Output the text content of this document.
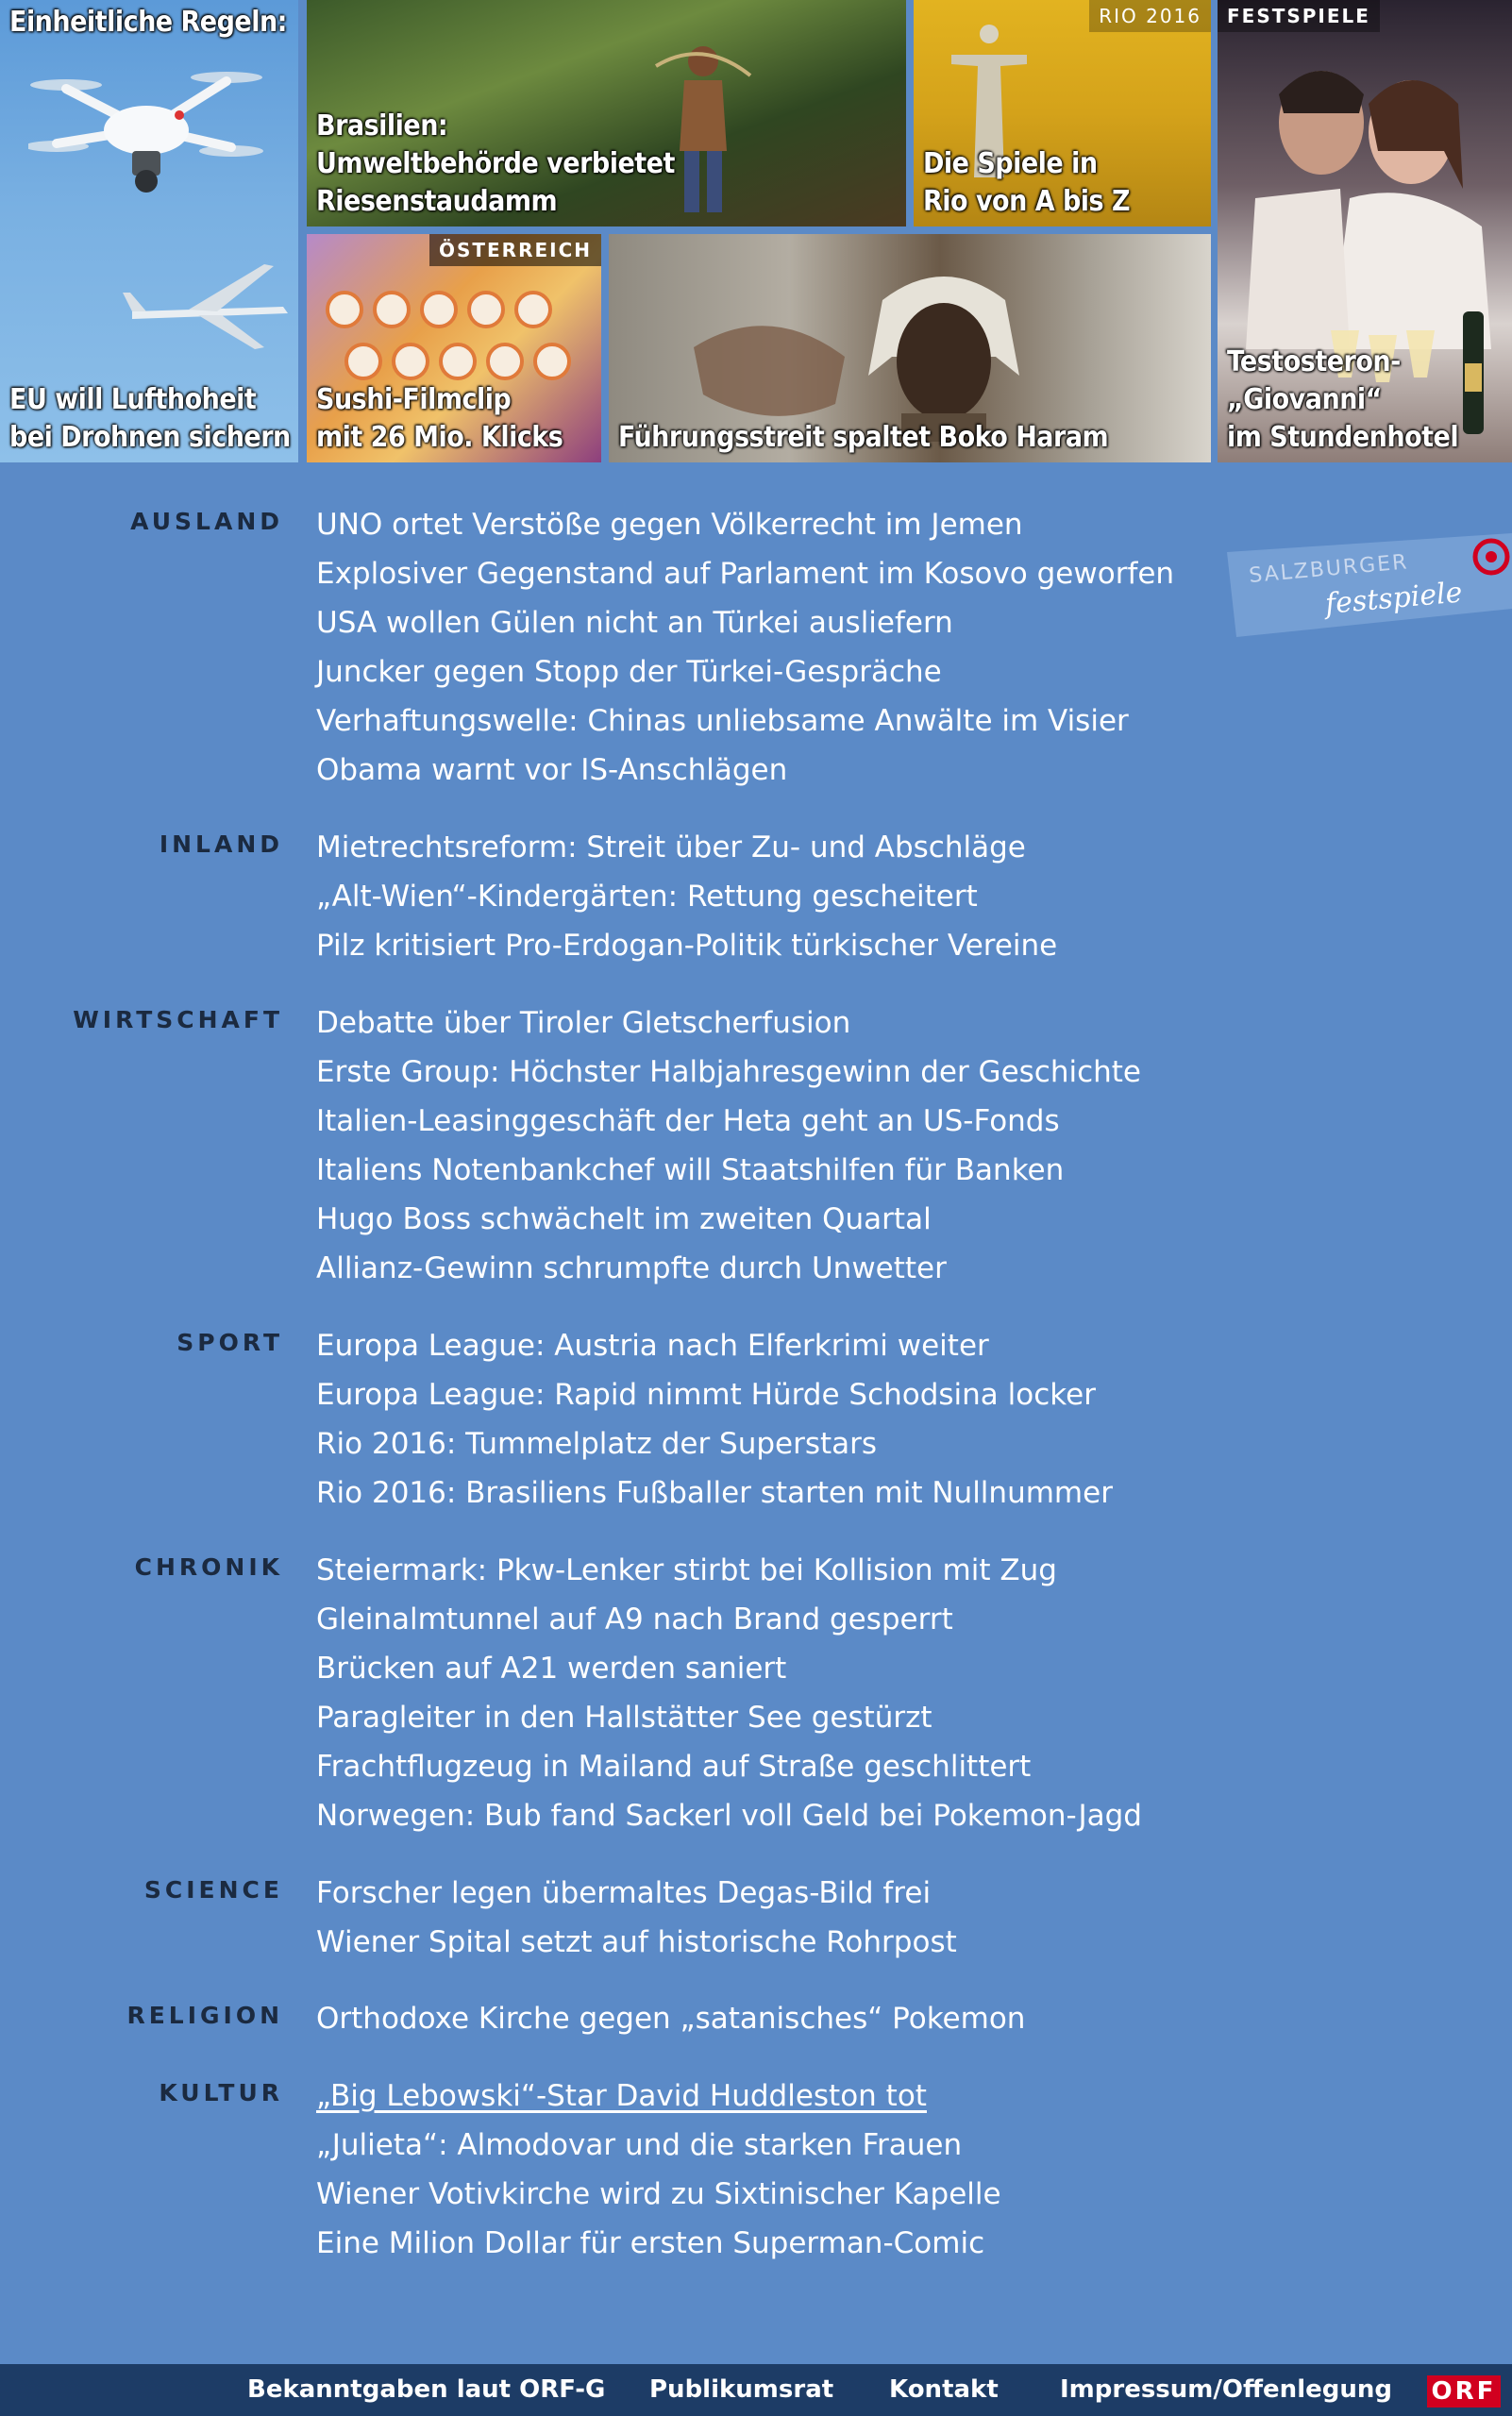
Einheitliche Regeln:
EU will Lufthoheit
bei Drohnen sichern
Brasilien:
Umweltbehörde verbietet Riesenstaudamm
RIO 2016
Die Spiele in
Rio von A bis Z
FESTSPIELE
Testosteron-„Giovanni“
im Stundenhotel
ÖSTERREICH
Sushi-Filmclip
mit 26 Mio. Klicks Führungsstreit spaltet Boko Haram
SALZBURGER
festspiele
AUSLAND UNO ortet Verstöße gegen Völkerrecht im Jemen
Explosiver Gegenstand auf Parlament im Kosovo geworfen
USA wollen Gülen nicht an Türkei ausliefern
Juncker gegen Stopp der Türkei-Gespräche
Verhaftungswelle: Chinas unliebsame Anwälte im Visier
Obama warnt vor IS-Anschlägen
INLAND Mietrechtsreform: Streit über Zu- und Abschläge
„Alt-Wien“-Kindergärten: Rettung gescheitert
Pilz kritisiert Pro-Erdogan-Politik türkischer Vereine
WIRTSCHAFT Debatte über Tiroler Gletscherfusion
Erste Group: Höchster Halbjahresgewinn der Geschichte
Italien-Leasinggeschäft der Heta geht an US-Fonds
Italiens Notenbankchef will Staatshilfen für Banken
Hugo Boss schwächelt im zweiten Quartal
Allianz-Gewinn schrumpfte durch Unwetter
SPORT Europa League: Austria nach Elferkrimi weiter
Europa League: Rapid nimmt Hürde Schodsina locker
Rio 2016: Tummelplatz der Superstars
Rio 2016: Brasiliens Fußballer starten mit Nullnummer
CHRONIK Steiermark: Pkw-Lenker stirbt bei Kollision mit Zug
Gleinalmtunnel auf A9 nach Brand gesperrt
Brücken auf A21 werden saniert
Paragleiter in den Hallstätter See gestürzt
Frachtflugzeug in Mailand auf Straße geschlittert
Norwegen: Bub fand Sackerl voll Geld bei Pokemon-Jagd
SCIENCE Forscher legen übermaltes Degas-Bild frei
Wiener Spital setzt auf historische Rohrpost
RELIGION Orthodoxe Kirche gegen „satanisches“ Pokemon
KULTUR „Big Lebowski“-Star David Huddleston tot
„Julieta“: Almodovar und die starken Frauen
Wiener Votivkirche wird zu Sixtinischer Kapelle
Eine Milion Dollar für ersten Superman-Comic
Bekanntgaben laut ORF-G Publikumsrat Kontakt	Impressum/Offenlegung ORF
